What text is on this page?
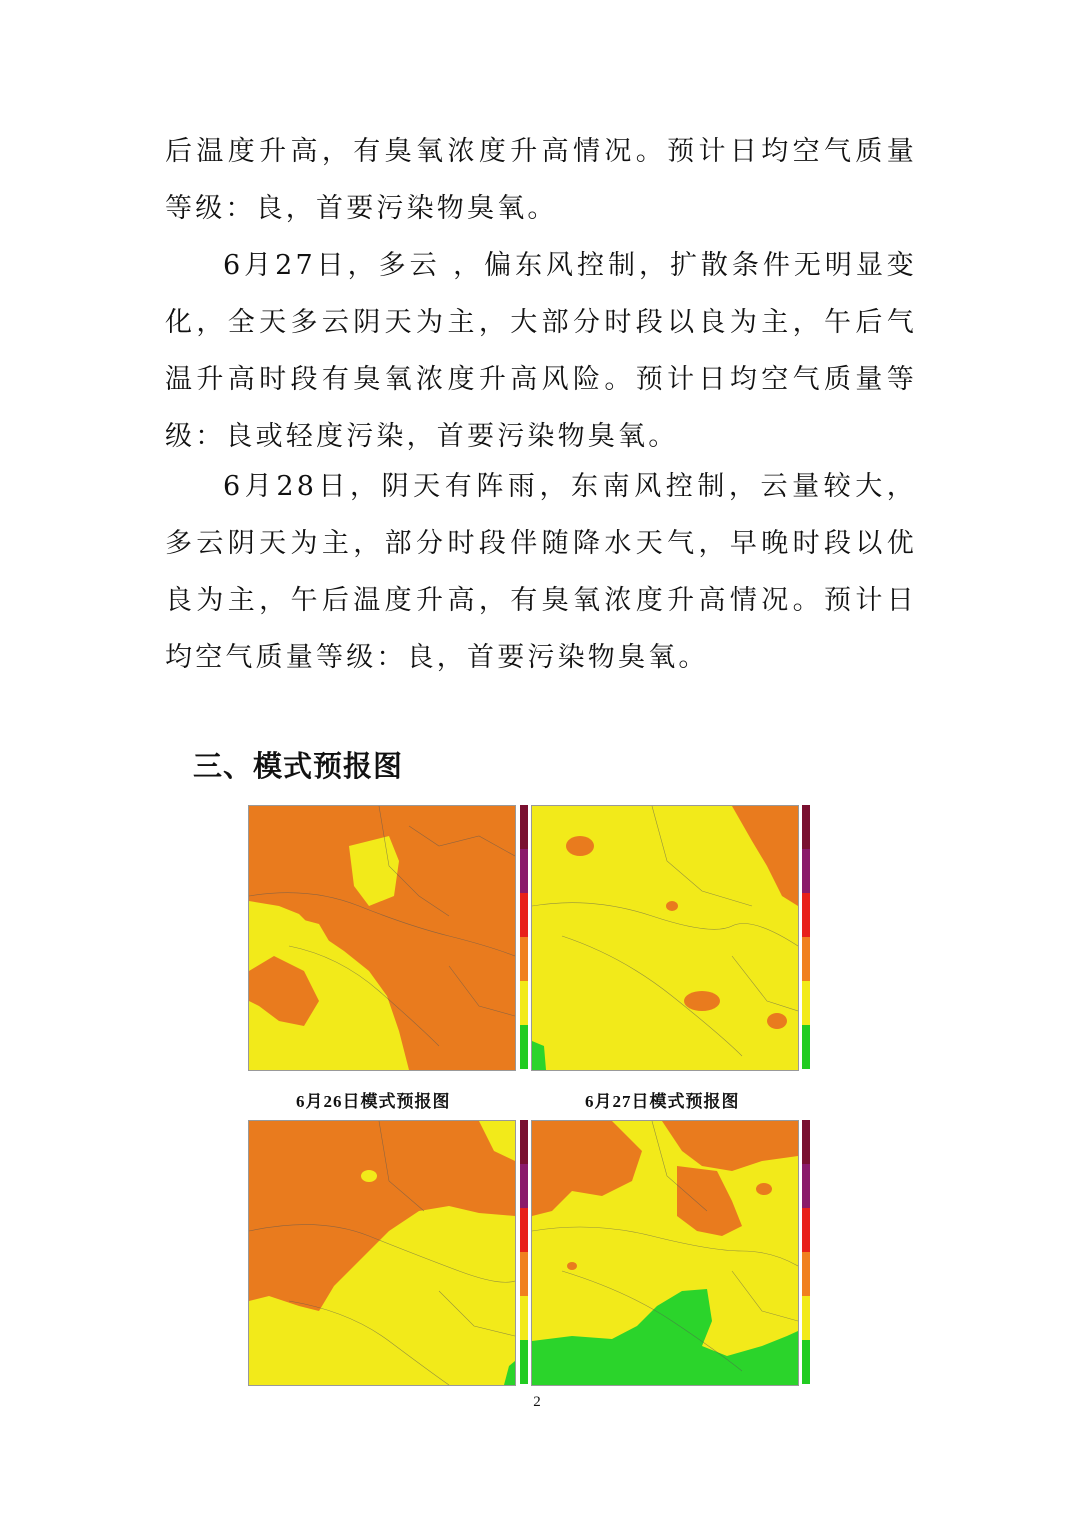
后温度升高，有臭氧浓度升高情况。预计日均空气质量等级：良，首要污染物臭氧。

6月27日，多云 ，偏东风控制，扩散条件无明显变化，全天多云阴天为主，大部分时段以良为主，午后气温升高时段有臭氧浓度升高风险。预计日均空气质量等级：良或轻度污染，首要污染物臭氧。

6月28日，阴天有阵雨，东南风控制，云量较大，多云阴天为主，部分时段伴随降水天气，早晚时段以优良为主，午后温度升高，有臭氧浓度升高情况。预计日均空气质量等级：良，首要污染物臭氧。

三、模式预报图
6月26日模式预报图	6月27日模式预报图
2
